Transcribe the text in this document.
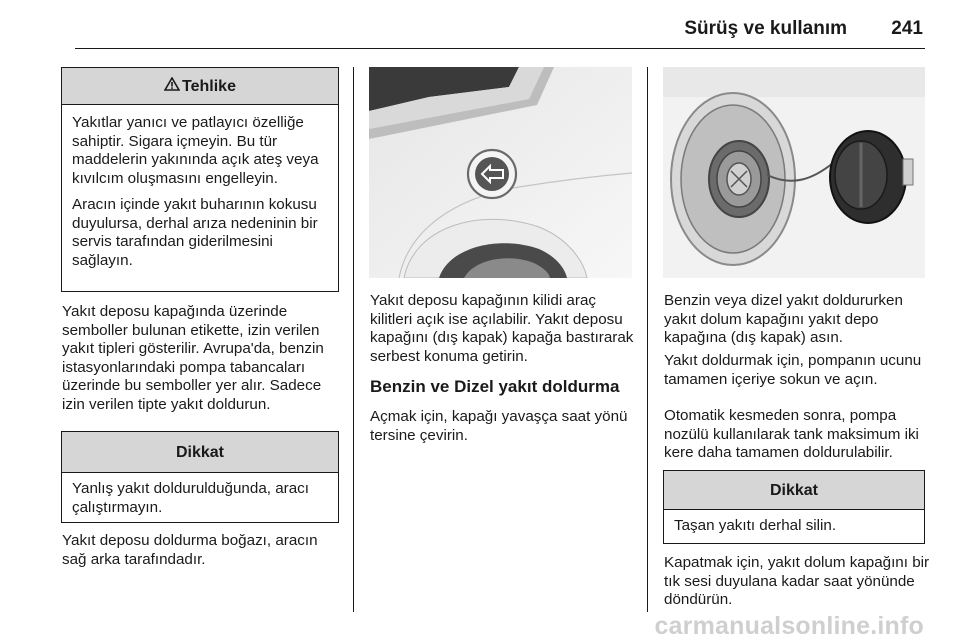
Sürüş ve kullanım 241
Tehlike

Yakıtlar yanıcı ve patlayıcı özelliğe sahiptir. Sigara içmeyin. Bu tür maddelerin yakınında açık ateş veya kıvılcım oluşmasını engelleyin.

Aracın içinde yakıt buharının kokusu duyulursa, derhal arıza nedeninin bir servis tarafından giderilmesini sağlayın.

Yakıt deposu kapağında üzerinde semboller bulunan etikette, izin verilen yakıt tipleri gösterilir. Avrupa'da, benzin istasyonlarındaki pompa tabancaları üzerinde bu semboller yer alır. Sadece izin verilen tipte yakıt doldurun.

Dikkat
Yanlış yakıt doldurulduğunda, aracı çalıştırmayın.

Yakıt deposu doldurma boğazı, aracın sağ arka tarafındadır.

Yakıt deposu kapağının kilidi araç kilitleri açık ise açılabilir. Yakıt deposu kapağını (dış kapak) kapağa bastırarak serbest konuma getirin.

Benzin ve Dizel yakıt doldurma

Açmak için, kapağı yavaşça saat yönü tersine çevirin.

Benzin veya dizel yakıt doldururken yakıt dolum kapağını yakıt depo kapağına (dış kapak) asın.

Yakıt doldurmak için, pompanın ucunu tamamen içeriye sokun ve açın.

Otomatik kesmeden sonra, pompa nozülü kullanılarak tank maksimum iki kere daha tamamen doldurulabilir.

Dikkat
Taşan yakıtı derhal silin.

Kapatmak için, yakıt dolum kapağını bir tık sesi duyulana kadar saat yönünde döndürün.

carmanualsonline.info
